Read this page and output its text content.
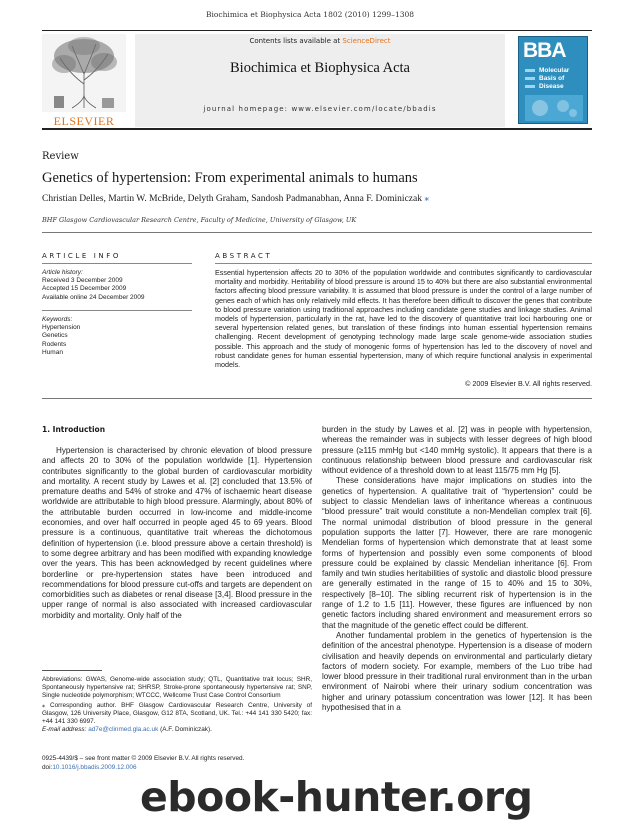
Biochimica et Biophysica Acta 1802 (2010) 1299–1308
ELSEVIER
Contents lists available at ScienceDirect
Biochimica et Biophysica Acta
journal homepage: www.elsevier.com/locate/bbadis
BBA
Molecular
Basis of
Disease
Review
Genetics of hypertension: From experimental animals to humans
Christian Delles, Martin W. McBride, Delyth Graham, Sandosh Padmanabhan, Anna F. Dominiczak ⁎
BHF Glasgow Cardiovascular Research Centre, Faculty of Medicine, University of Glasgow, UK
ARTICLE INFO	ABSTRACT
Article history:
Received 3 December 2009
Accepted 15 December 2009
Available online 24 December 2009
Keywords:
Hypertension
Genetics
Rodents
Human
Essential hypertension affects 20 to 30% of the population worldwide and contributes significantly to cardiovascular mortality and morbidity. Heritability of blood pressure is around 15 to 40% but there are also substantial environmental factors affecting blood pressure variability. It is assumed that blood pressure is under the control of a large number of genes each of which has only relatively mild effects. It has therefore been difficult to discover the genes that contribute to blood pressure variation using traditional approaches including candidate gene studies and linkage studies. Animal models of hypertension, particularly in the rat, have led to the discovery of quantitative trait loci harbouring one or several hypertension related genes, but translation of these findings into human essential hypertension remains challenging. Recent development of genotyping technology made large scale genome-wide association studies possible. This approach and the study of monogenic forms of hypertension has led to the discovery of novel and robust candidate genes for human essential hypertension, many of which require functional analysis in experimental models.
© 2009 Elsevier B.V. All rights reserved.
1. Introduction

Hypertension is characterised by chronic elevation of blood pressure and affects 20 to 30% of the population worldwide [1]. Hypertension contributes significantly to the global burden of cardiovascular morbidity and mortality. A recent study by Lawes et al. [2] concluded that 13.5% of premature deaths and 54% of stroke and 47% of ischaemic heart disease worldwide are attributable to high blood pressure. Alarmingly, about 80% of the attributable burden occurred in low-income and middle-income economies, and over half occurred in people aged 45 to 69 years. Blood pressure is a continuous, quantitative trait whereas the dichotomous definition of hypertension (i.e. blood pressure above a certain threshold) is to some degree arbitrary and has been modified with expanding knowledge over the years. This has been acknowledged by recent guidelines where borderline or pre-hypertension states have been introduced and recommendations for blood pressure cut-offs and targets are dependent on comorbidities such as diabetes or renal disease [3,4]. Blood pressure in the upper range of normal is also associated with increased cardiovascular morbidity and mortality. Only half of the

burden in the study by Lawes et al. [2] was in people with hypertension, whereas the remainder was in subjects with lesser degrees of high blood pressure (≥115 mmHg but <140 mmHg systolic). It appears that there is a continuous relationship between blood pressure and cardiovascular risk without evidence of a threshold down to at least 115/75 mm Hg [5].

These considerations have major implications on studies into the genetics of hypertension. A qualitative trait of “hypertension” could be subject to classic Mendelian laws of inheritance whereas a continuous “blood pressure” trait would constitute a non-Mendelian complex trait [6]. The normal unimodal distribution of blood pressure in the general population supports the latter [7]. However, there are rare monogenic Mendelian forms of hypertension which demonstrate that at least some forms of hypertension and possibly even some components of blood pressure could be explained by classic Mendelian inheritance [6]. From family and twin studies heritabilities of systolic and diastolic blood pressure are generally estimated in the range of 15 to 40% and 15 to 30%, respectively [8–10]. The sibling recurrent risk of hypertension is in the range of 1.2 to 1.5 [11]. However, these figures are influenced by non genetic factors including shared environment and measurement errors so that the magnitude of the genetic effect could be different.

Another fundamental problem in the genetics of hypertension is the definition of the ancestral phenotype. Hypertension is a disease of modern civilisation and heavily depends on environmental and particularly dietary factors of modern society. For example, members of the Luo tribe had lower blood pressure in their traditional rural environment than in the urban environment of Nairobi where their urinary sodium concentration was higher and urinary potassium concentration was lower [12]. It has been hypothesised that in a

Abbreviations: GWAS, Genome-wide association study; QTL, Quantitative trait locus; SHR, Spontaneously hypertensive rat; SHRSP, Stroke-prone spontaneously hypertensive rat; SNP, Single nucleotide polymorphism; WTCCC, Wellcome Trust Case Control Consortium
⁎ Corresponding author. BHF Glasgow Cardiovascular Research Centre, University of Glasgow, 126 University Place, Glasgow, G12 8TA, Scotland, UK. Tel.: +44 141 330 5420; fax: +44 141 330 6997.
E-mail address: ad7e@clinmed.gla.ac.uk (A.F. Dominiczak).
0925-4439/$ – see front matter © 2009 Elsevier B.V. All rights reserved.
doi:10.1016/j.bbadis.2009.12.006
ebook-hunter.org
